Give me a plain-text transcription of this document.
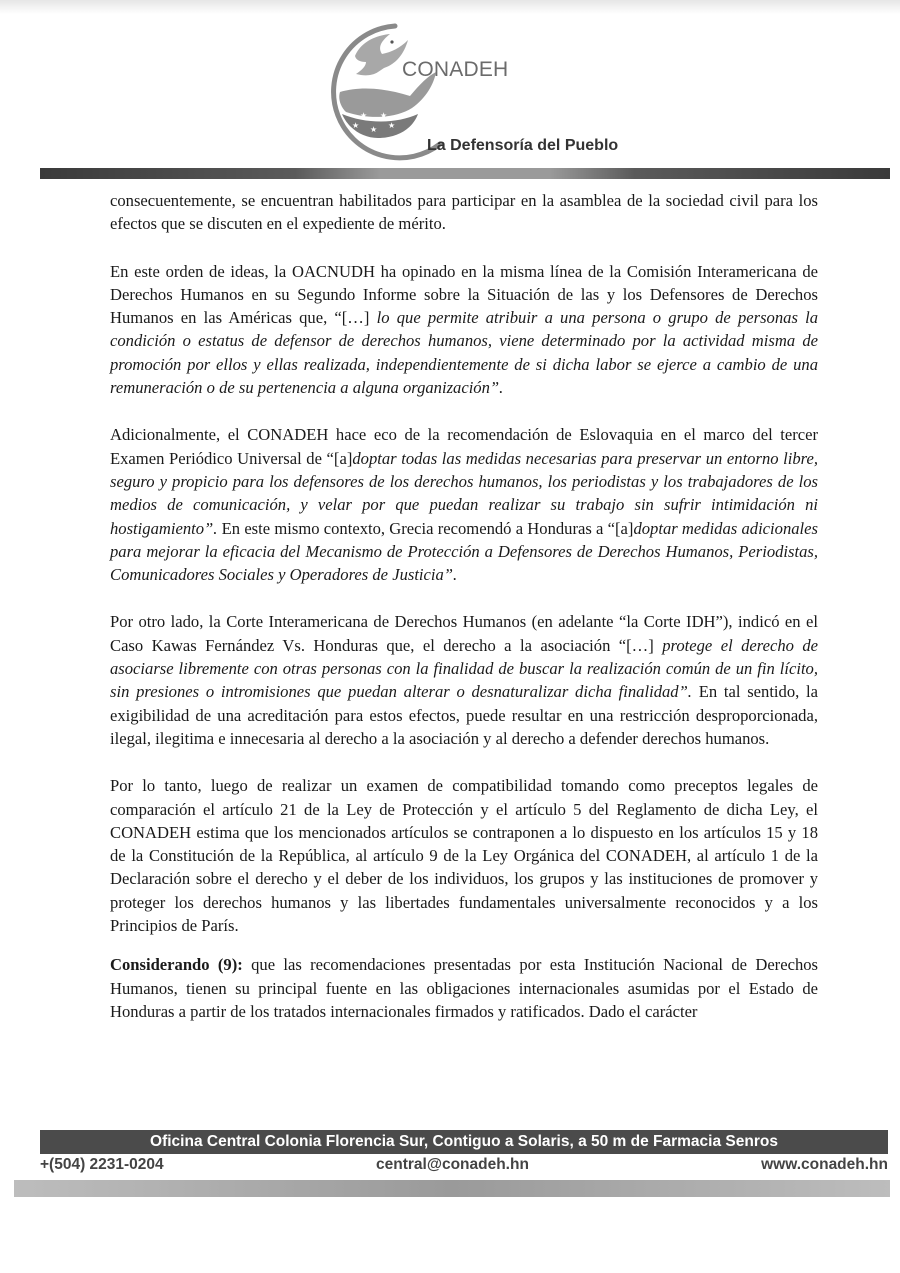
★ ★ ★
★ ★
CONADEH
La Defensoría del Pueblo

consecuentemente, se encuentran habilitados para participar en la asamblea de la sociedad civil para los efectos que se discuten en el expediente de mérito.

En este orden de ideas, la OACNUDH ha opinado en la misma línea de la Comisión Interamericana de Derechos Humanos en su Segundo Informe sobre la Situación de las y los Defensores de Derechos Humanos en las Américas que, “[…] lo que permite atribuir a una persona o grupo de personas la condición o estatus de defensor de derechos humanos, viene determinado por la actividad misma de promoción por ellos y ellas realizada, independientemente de si dicha labor se ejerce a cambio de una remuneración o de su pertenencia a alguna organización”.

Adicionalmente, el CONADEH hace eco de la recomendación de Eslovaquia en el marco del tercer Examen Periódico Universal de “[a]doptar todas las medidas necesarias para preservar un entorno libre, seguro y propicio para los defensores de los derechos humanos, los periodistas y los trabajadores de los medios de comunicación, y velar por que puedan realizar su trabajo sin sufrir intimidación ni hostigamiento”. En este mismo contexto, Grecia recomendó a Honduras a “[a]doptar medidas adicionales para mejorar la eficacia del Mecanismo de Protección a Defensores de Derechos Humanos, Periodistas, Comunicadores Sociales y Operadores de Justicia”.

Por otro lado, la Corte Interamericana de Derechos Humanos (en adelante “la Corte IDH”), indicó en el Caso Kawas Fernández Vs. Honduras que, el derecho a la asociación “[…] protege el derecho de asociarse libremente con otras personas con la finalidad de buscar la realización común de un fin lícito, sin presiones o intromisiones que puedan alterar o desnaturalizar dicha finalidad”. En tal sentido, la exigibilidad de una acreditación para estos efectos, puede resultar en una restricción desproporcionada, ilegal, ilegitima e innecesaria al derecho a la asociación y al derecho a defender derechos humanos.

Por lo tanto, luego de realizar un examen de compatibilidad tomando como preceptos legales de comparación el artículo 21 de la Ley de Protección y el artículo 5 del Reglamento de dicha Ley, el CONADEH estima que los mencionados artículos se contraponen a lo dispuesto en los artículos 15 y 18 de la Constitución de la República, al artículo 9 de la Ley Orgánica del CONADEH, al artículo 1 de la Declaración sobre el derecho y el deber de los individuos, los grupos y las instituciones de promover y proteger los derechos humanos y las libertades fundamentales universalmente reconocidos y a los Principios de París.

Considerando (9): que las recomendaciones presentadas por esta Institución Nacional de Derechos Humanos, tienen su principal fuente en las obligaciones internacionales asumidas por el Estado de Honduras a partir de los tratados internacionales firmados y ratificados. Dado el carácter

Oficina Central Colonia Florencia Sur, Contiguo a Solaris, a 50 m de Farmacia Senros
+(504) 2231-0204	central@conadeh.hn	www.conadeh.hn
